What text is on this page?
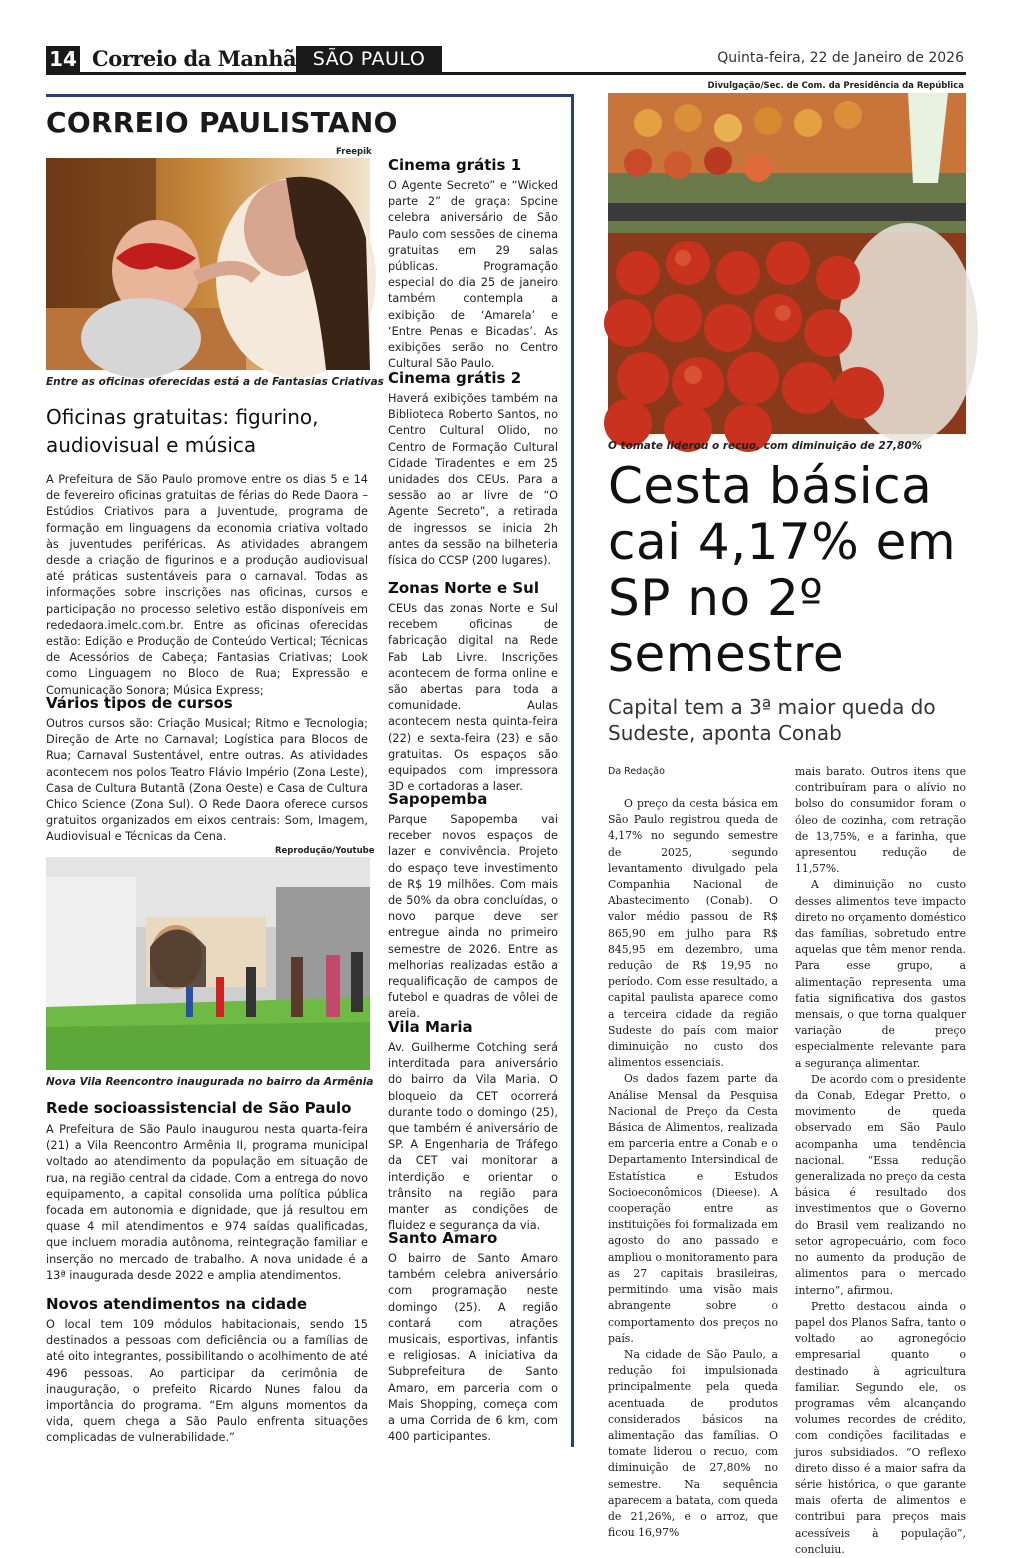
14 Correio da Manhã SÃO PAULO	Quinta-feira, 22 de Janeiro de 2026
CORREIO PAULISTANO
Freepik
Entre as oficinas oferecidas está a de Fantasias Criativas
Oficinas gratuitas: figurino, audiovisual e música
A Prefeitura de São Paulo promove entre os dias 5 e 14 de fevereiro oficinas gratuitas de férias do Rede Daora – Estúdios Criativos para a Juventude, programa de formação em linguagens da economia criativa voltado às juventudes periféricas. As atividades abrangem desde a criação de figurinos e a produção audiovisual até práticas sustentáveis para o carnaval. Todas as informações sobre inscrições nas oficinas, cursos e participação no processo seletivo estão disponíveis em rededaora.imelc.com.br. Entre as oficinas oferecidas estão: Edição e Produção de Conteúdo Vertical; Técnicas de Acessórios de Cabeça; Fantasias Criativas; Look como Linguagem no Bloco de Rua; Expressão e Comunicação Sonora; Música Express;
Vários tipos de cursos
Outros cursos são: Criação Musical; Ritmo e Tecnologia; Direção de Arte no Carnaval; Logística para Blocos de Rua; Carnaval Sustentável, entre outras. As atividades acontecem nos polos Teatro Flávio Império (Zona Leste), Casa de Cultura Butantã (Zona Oeste) e Casa de Cultura Chico Science (Zona Sul). O Rede Daora oferece cursos gratuitos organizados em eixos centrais: Som, Imagem, Audiovisual e Técnicas da Cena.
Reprodução/Youtube
Nova Vila Reencontro inaugurada no bairro da Armênia
Rede socioassistencial de São Paulo
A Prefeitura de São Paulo inaugurou nesta quarta-feira (21) a Vila Reencontro Armênia II, programa municipal voltado ao atendimento da população em situação de rua, na região central da cidade. Com a entrega do novo equipamento, a capital consolida uma política pública focada em autonomia e dignidade, que já resultou em quase 4 mil atendimentos e 974 saídas qualificadas, que incluem moradia autônoma, reintegração familiar e inserção no mercado de trabalho. A nova unidade é a 13ª inaugurada desde 2022 e amplia atendimentos.
Novos atendimentos na cidade
O local tem 109 módulos habitacionais, sendo 15 destinados a pessoas com deficiência ou a famílias de até oito integrantes, possibilitando o acolhimento de até 496 pessoas. Ao participar da cerimônia de inauguração, o prefeito Ricardo Nunes falou da importância do programa. “Em alguns momentos da vida, quem chega a São Paulo enfrenta situações complicadas de vulnerabilidade.”
Cinema grátis 1
O Agente Secreto” e “Wicked parte 2” de graça: Spcine celebra aniversário de São Paulo com sessões de cinema gratuitas em 29 salas públicas. Programação especial do dia 25 de janeiro também contempla a exibição de ‘Amarela’ e ‘Entre Penas e Bicadas’. As exibições serão no Centro Cultural São Paulo.
Cinema grátis 2
Haverá exibições também na Biblioteca Roberto Santos, no Centro Cultural Olido, no Centro de Formação Cultural Cidade Tiradentes e em 25 unidades dos CEUs. Para a sessão ao ar livre de “O Agente Secreto”, a retirada de ingressos se inicia 2h antes da sessão na bilheteria física do CCSP (200 lugares).
Zonas Norte e Sul
CEUs das zonas Norte e Sul recebem oficinas de fabricação digital na Rede Fab Lab Livre. Inscrições acontecem de forma online e são abertas para toda a comunidade. Aulas acontecem nesta quinta-feira (22) e sexta-feira (23) e são gratuitas. Os espaços são equipados com impressora 3D e cortadoras a laser.
Sapopemba
Parque Sapopemba vai receber novos espaços de lazer e convivência. Projeto do espaço teve investimento de R$ 19 milhões. Com mais de 50% da obra concluídas, o novo parque deve ser entregue ainda no primeiro semestre de 2026. Entre as melhorias realizadas estão a requalificação de campos de futebol e quadras de vôlei de areia.
Vila Maria
Av. Guilherme Cotching será interditada para aniversário do bairro da Vila Maria. O bloqueio da CET ocorrerá durante todo o domingo (25), que também é aniversário de SP. A Engenharia de Tráfego da CET vai monitorar a interdição e orientar o trânsito na região para manter as condições de fluidez e segurança da via.
Santo Amaro
O bairro de Santo Amaro também celebra aniversário com programação neste domingo (25). A região contará com atrações musicais, esportivas, infantis e religiosas. A iniciativa da Subprefeitura de Santo Amaro, em parceria com o Mais Shopping, começa com a uma Corrida de 6 km, com 400 participantes.
Divulgação/Sec. de Com. da Presidência da República
O tomate liderou o recuo, com diminuição de 27,80%
Cesta básica cai 4,17% em SP no 2º semestre
Capital tem a 3ª maior queda do Sudeste, aponta Conab
Da Redação

O preço da cesta básica em São Paulo registrou queda de 4,17% no segundo semestre de 2025, segundo levantamento divulgado pela Companhia Nacional de Abastecimento (Conab). O valor médio passou de R$ 865,90 em julho para R$ 845,95 em dezembro, uma redução de R$ 19,95 no período. Com esse resultado, a capital paulista aparece como a terceira cidade da região Sudeste do país com maior diminuição no custo dos alimentos essenciais.

Os dados fazem parte da Análise Mensal da Pesquisa Nacional de Preço da Cesta Básica de Alimentos, realizada em parceria entre a Conab e o Departamento Intersindical de Estatística e Estudos Socioeconômicos (Dieese). A cooperação entre as instituições foi formalizada em agosto do ano passado e ampliou o monitoramento para as 27 capitais brasileiras, permitindo uma visão mais abrangente sobre o comportamento dos preços no país.

Na cidade de São Paulo, a redução foi impulsionada principalmente pela queda acentuada de produtos considerados básicos na alimentação das famílias. O tomate liderou o recuo, com diminuição de 27,80% no semestre. Na sequência aparecem a batata, com queda de 21,26%, e o arroz, que ficou 16,97%

mais barato. Outros itens que contribuíram para o alívio no bolso do consumidor foram o óleo de cozinha, com retração de 13,75%, e a farinha, que apresentou redução de 11,57%.

A diminuição no custo desses alimentos teve impacto direto no orçamento doméstico das famílias, sobretudo entre aquelas que têm menor renda. Para esse grupo, a alimentação representa uma fatia significativa dos gastos mensais, o que torna qualquer variação de preço especialmente relevante para a segurança alimentar.

De acordo com o presidente da Conab, Edegar Pretto, o movimento de queda observado em São Paulo acompanha uma tendência nacional. “Essa redução generalizada no preço da cesta básica é resultado dos investimentos que o Governo do Brasil vem realizando no setor agropecuário, com foco no aumento da produção de alimentos para o mercado interno”, afirmou.

Pretto destacou ainda o papel dos Planos Safra, tanto o voltado ao agronegócio empresarial quanto o destinado à agricultura familiar. Segundo ele, os programas vêm alcançando volumes recordes de crédito, com condições facilitadas e juros subsidiados. “O reflexo direto disso é a maior safra da série histórica, o que garante mais oferta de alimentos e contribui para preços mais acessíveis à população”, concluiu.
